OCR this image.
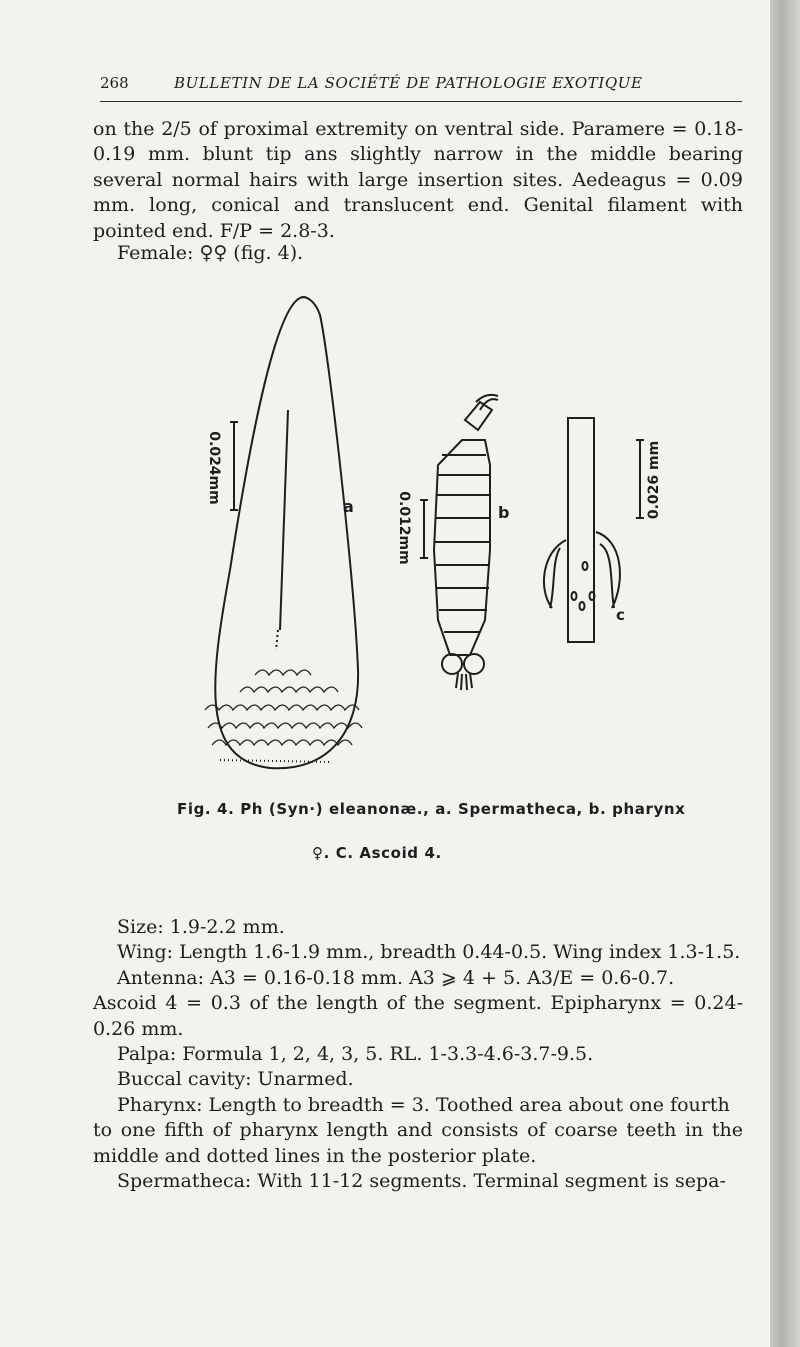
268	BULLETIN DE LA SOCIÉTÉ DE PATHOLOGIE EXOTIQUE

on the 2/5 of proximal extremity on ventral side. Paramere = 0.18-0.19 mm. blunt tip ans slightly narrow in the middle bearing several normal hairs with large insertion sites. Aedeagus = 0.09 mm. long, conical and translucent end. Genital filament with pointed end. F/P = 2.8-3.

Female: ♀♀ (fig. 4).

0.024mm
a	0.012mm	b	0.026 mm
c
Fig. 4. Ph (Syn·) eleanonæ., a. Spermatheca, b. pharynx
♀. C. Ascoid 4.

Size: 1.9-2.2 mm.

Wing: Length 1.6-1.9 mm., breadth 0.44-0.5. Wing index 1.3-1.5.

Antenna: A3 = 0.16-0.18 mm. A3 ⩾ 4 + 5. A3/E = 0.6-0.7.

Ascoid 4 = 0.3 of the length of the segment. Epipharynx = 0.24-0.26 mm.

Palpa: Formula 1, 2, 4, 3, 5. RL. 1-3.3-4.6-3.7-9.5.

Buccal cavity: Unarmed.

Pharynx: Length to breadth = 3. Toothed area about one fourth

to one fifth of pharynx length and consists of coarse teeth in the middle and dotted lines in the posterior plate.

Spermatheca: With 11-12 segments. Terminal segment is sepa-
